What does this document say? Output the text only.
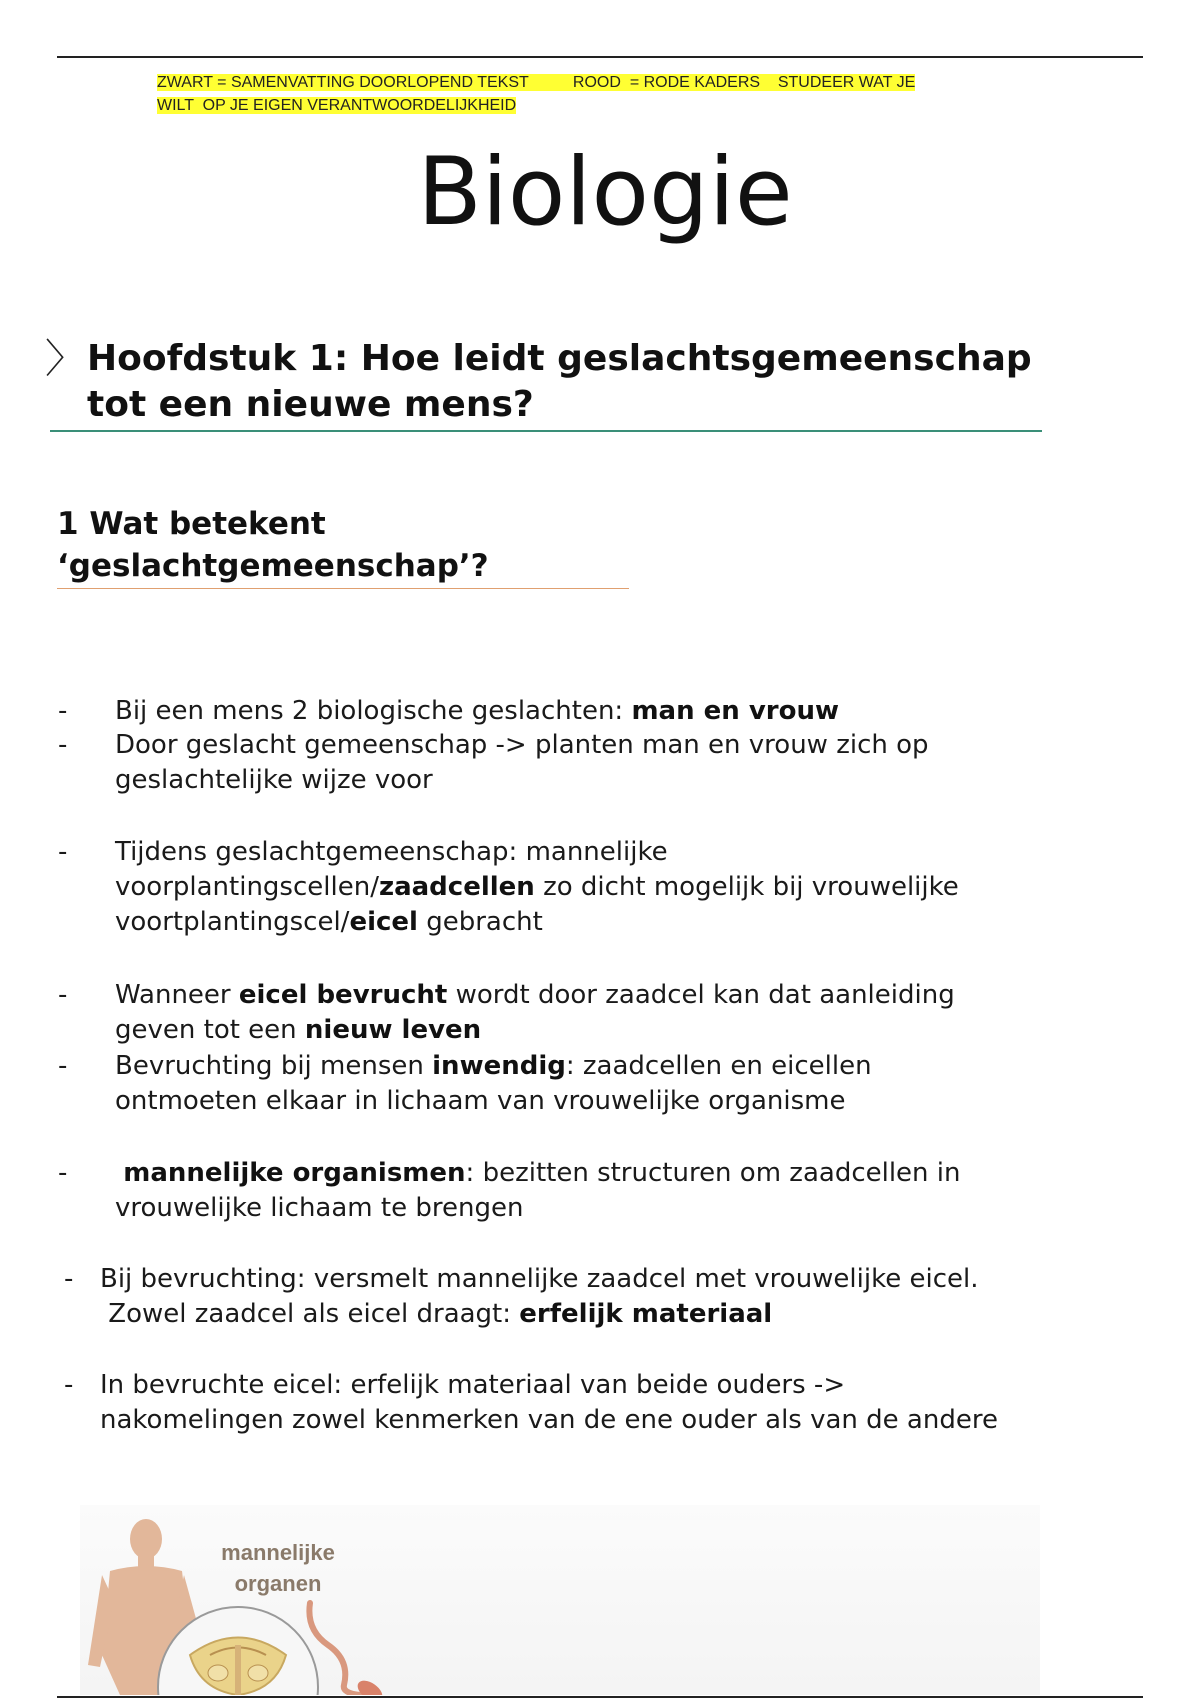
ZWART = SAMENVATTING DOORLOPEND TEKST          ROOD  = RODE KADERS    STUDEER WAT JE
WILT  OP JE EIGEN VERANTWOORDELIJKHEID
Biologie
〉 Hoofdstuk 1: Hoe leidt geslachtsgemeenschap
tot een nieuwe mens?
1 Wat betekent
‘geslachtgemeenschap’?
- Bij een mens 2 biologische geslachten: man en vrouw
- Door geslacht gemeenschap -> planten man en vrouw zich op
geslachtelijke wijze voor
- Tijdens geslachtgemeenschap: mannelijke
voorplantingscellen/zaadcellen zo dicht mogelijk bij vrouwelijke
voortplantingscel/eicel gebracht
- Wanneer eicel bevrucht wordt door zaadcel kan dat aanleiding
geven tot een nieuw leven
- Bevruchting bij mensen inwendig: zaadcellen en eicellen
ontmoeten elkaar in lichaam van vrouwelijke organisme
-	mannelijke organismen: bezitten structuren om zaadcellen in
vrouwelijke lichaam te brengen
- Bij bevruchting: versmelt mannelijke zaadcel met vrouwelijke eicel.
Zowel zaadcel als eicel draagt: erfelijk materiaal
- In bevruchte eicel: erfelijk materiaal van beide ouders ->
nakomelingen zowel kenmerken van de ene ouder als van de andere
mannelijke
organen
